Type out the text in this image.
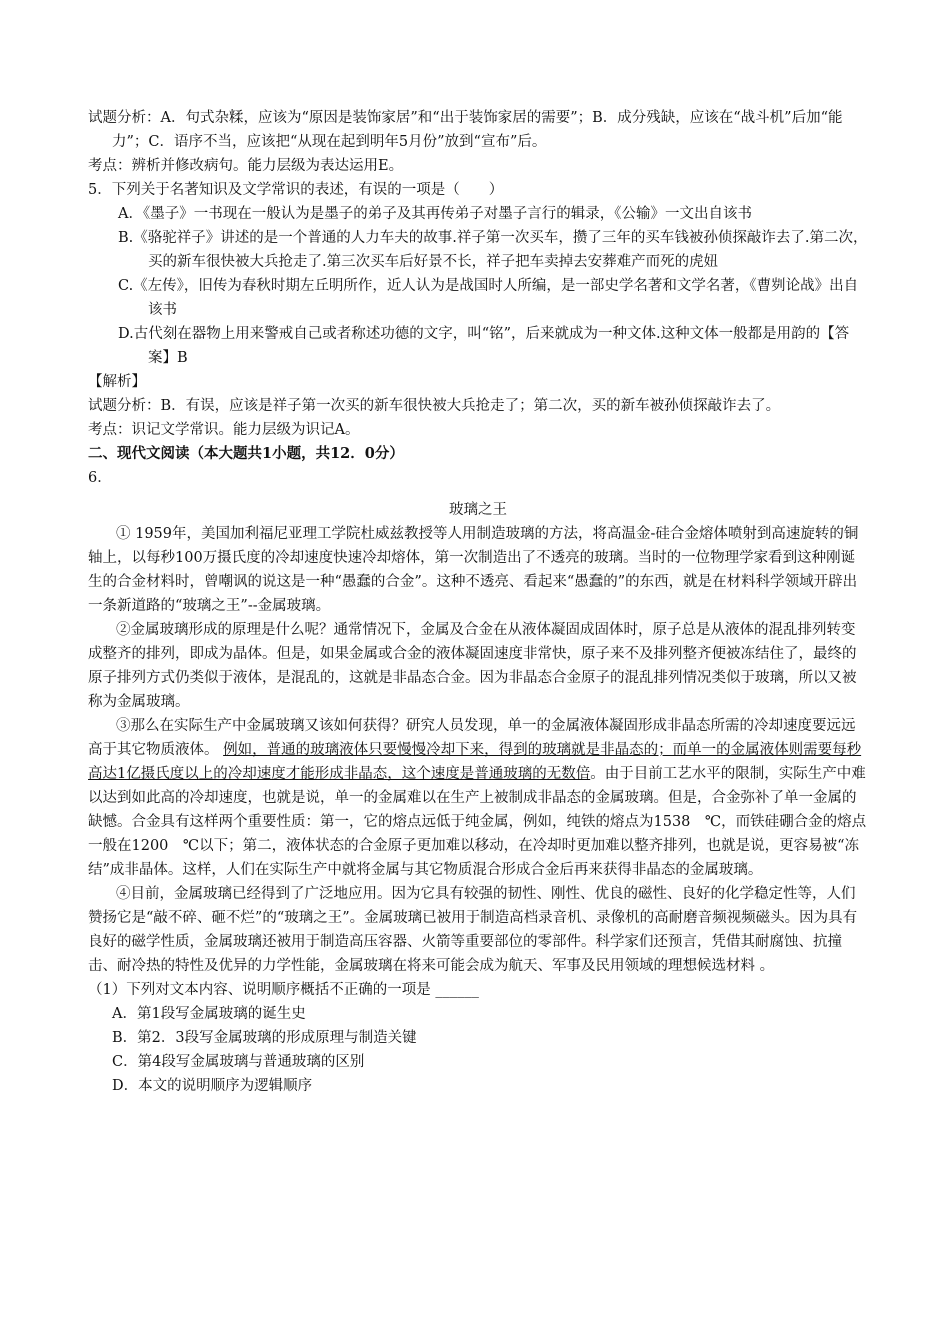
试题分析：A．句式杂糅，应该为“原因是装饰家居”和“出于装饰家居的需要”；B．成分残缺，应该在“战斗机”后加“能力”；C．语序不当，应该把“从现在起到明年5月份”放到“宣布”后。

考点：辨析并修改病句。能力层级为表达运用E。

5．下列关于名著知识及文学常识的表述，有误的一项是（　　）

A．《墨子》一书现在一般认为是墨子的弟子及其再传弟子对墨子言行的辑录，《公输》一文出自该书

B.《骆驼祥子》讲述的是一个普通的人力车夫的故事.祥子第一次买车，攒了三年的买车钱被孙侦探敲诈去了.第二次，买的新车很快被大兵抢走了.第三次买车后好景不长，祥子把车卖掉去安葬难产而死的虎妞

C.《左传》，旧传为春秋时期左丘明所作，近人认为是战国时人所编，是一部史学名著和文学名著，《曹刿论战》出自该书

D.古代刻在器物上用来警戒自己或者称述功德的文字，叫“铭”，后来就成为一种文体.这种文体一般都是用韵的【答案】B

【解析】

试题分析：B．有误，应该是祥子第一次买的新车很快被大兵抢走了；第二次，买的新车被孙侦探敲诈去了。

考点：识记文学常识。能力层级为识记A。

二、现代文阅读（本大题共1小题，共12．0分）

6．

玻璃之王

① 1959年，美国加利福尼亚理工学院杜威兹教授等人用制造玻璃的方法，将高温金-硅合金熔体喷射到高速旋转的铜轴上，以每秒100万摄氏度的冷却速度快速冷却熔体，第一次制造出了不透亮的玻璃。当时的一位物理学家看到这种刚诞生的合金材料时，曾嘲讽的说这是一种“愚蠢的合金”。这种不透亮、看起来“愚蠢的”的东西，就是在材料科学领域开辟出一条新道路的“玻璃之王”--金属玻璃。

②金属玻璃形成的原理是什么呢？通常情况下，金属及合金在从液体凝固成固体时，原子总是从液体的混乱排列转变成整齐的排列，即成为晶体。但是，如果金属或合金的液体凝固速度非常快，原子来不及排列整齐便被冻结住了，最终的原子排列方式仍类似于液体，是混乱的，这就是非晶态合金。因为非晶态合金原子的混乱排列情况类似于玻璃，所以又被称为金属玻璃。

③那么在实际生产中金属玻璃又该如何获得？研究人员发现，单一的金属液体凝固形成非晶态所需的冷却速度要远远高于其它物质液体。 例如，普通的玻璃液体只要慢慢冷却下来，得到的玻璃就是非晶态的；而单一的金属液体则需要每秒高达1亿摄氏度以上的冷却速度才能形成非晶态，这个速度是普通玻璃的无数倍。由于目前工艺水平的限制，实际生产中难以达到如此高的冷却速度，也就是说，单一的金属难以在生产上被制成非晶态的金属玻璃。但是，合金弥补了单一金属的缺憾。合金具有这样两个重要性质：第一，它的熔点远低于纯金属，例如，纯铁的熔点为1538　℃，而铁硅硼合金的熔点一般在1200　℃以下；第二，液体状态的合金原子更加难以移动，在冷却时更加难以整齐排列，也就是说，更容易被“冻结”成非晶体。这样，人们在实际生产中就将金属与其它物质混合形成合金后再来获得非晶态的金属玻璃。

④目前，金属玻璃已经得到了广泛地应用。因为它具有较强的韧性、刚性、优良的磁性、良好的化学稳定性等，人们赞扬它是“敲不碎、砸不烂”的“玻璃之王”。金属玻璃已被用于制造高档录音机、录像机的高耐磨音频视频磁头。因为具有良好的磁学性质，金属玻璃还被用于制造高压容器、火箭等重要部位的零部件。科学家们还预言，凭借其耐腐蚀、抗撞击、耐冷热的特性及优异的力学性能，金属玻璃在将来可能会成为航天、军事及民用领域的理想候选材料 。

（1）下列对文本内容、说明顺序概括不正确的一项是 ______

A．第1段写金属玻璃的诞生史

B．第2．3段写金属玻璃的形成原理与制造关键

C．第4段写金属玻璃与普通玻璃的区别

D．本文的说明顺序为逻辑顺序
